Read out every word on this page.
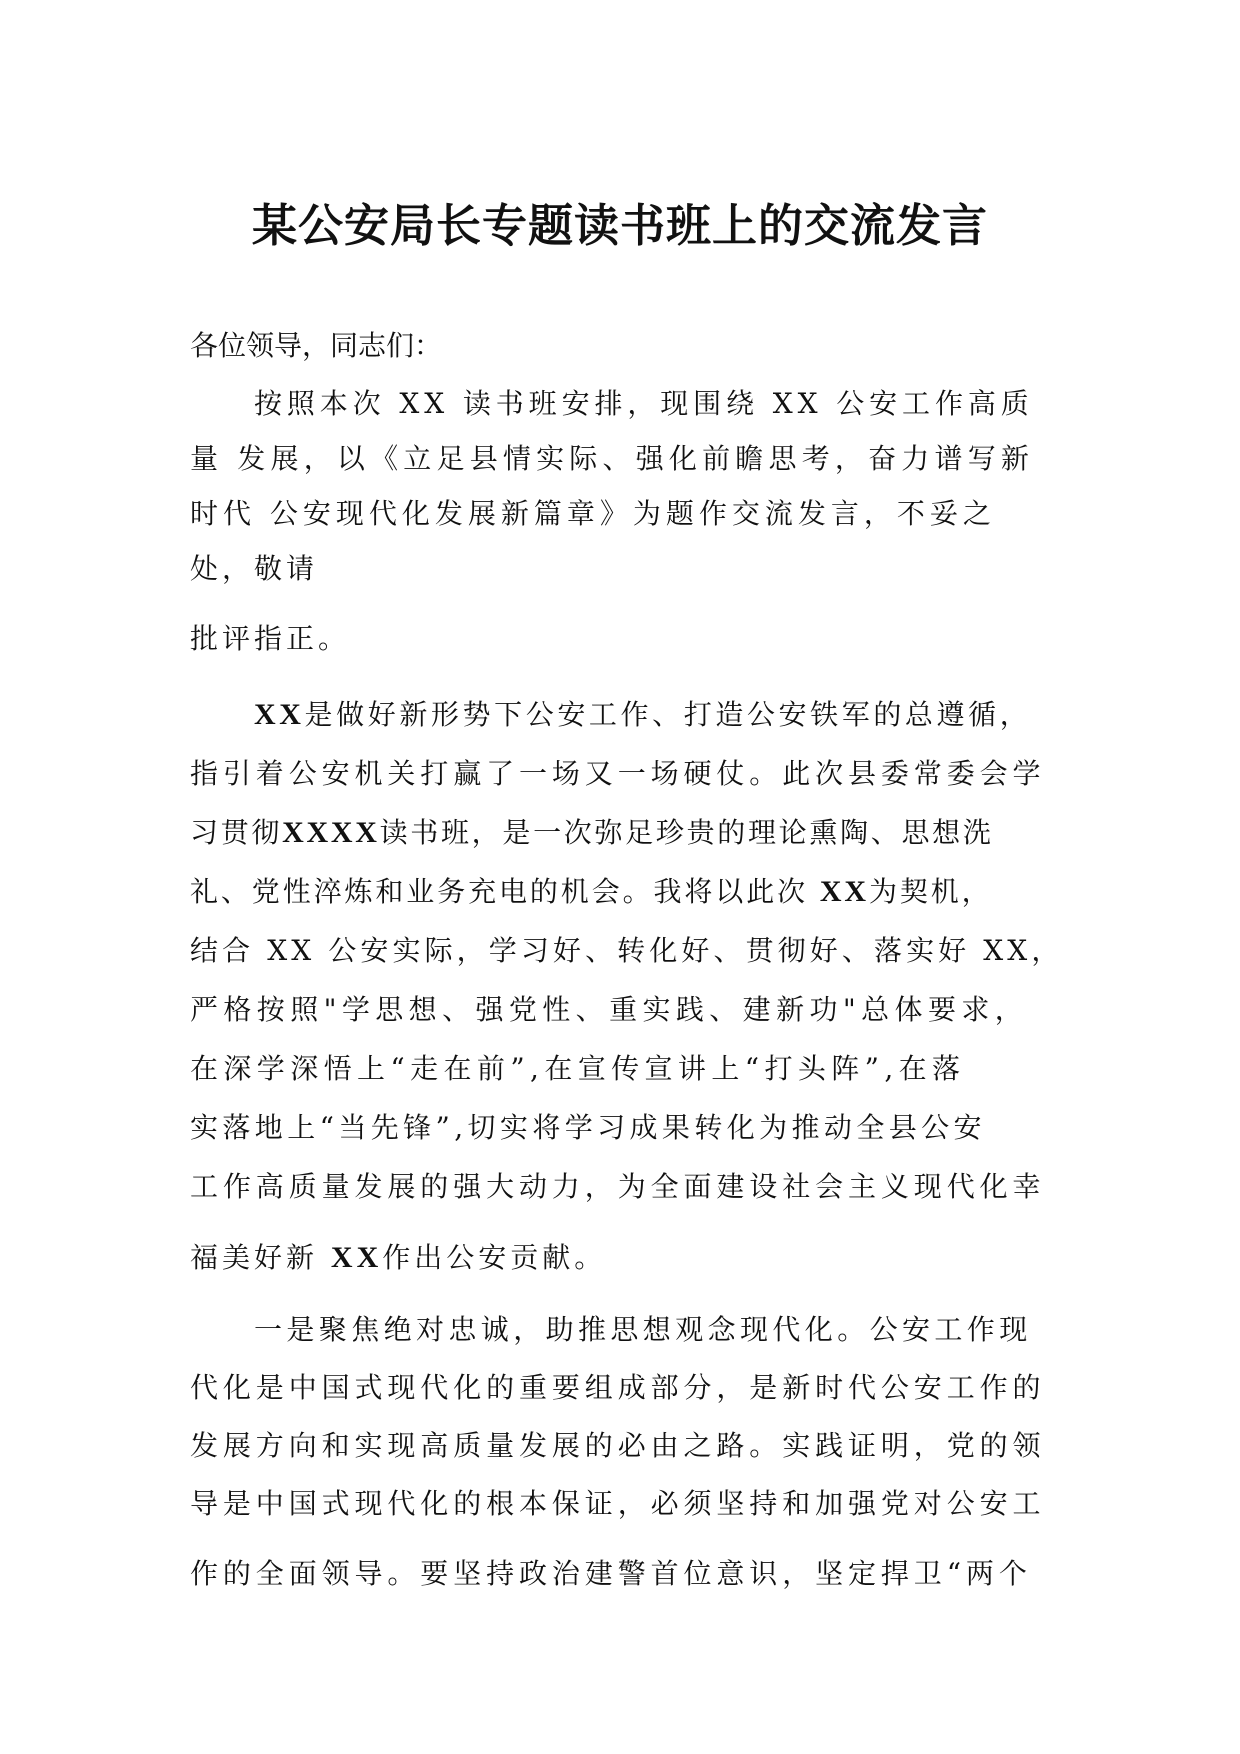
某公安局长专题读书班上的交流发言
各位领导，同志们：
按照本次 XX 读书班安排，现围绕 XX 公安工作高质
量 发展，以《立足县情实际、强化前瞻思考，奋力谱写新
时代 公安现代化发展新篇章》为题作交流发言，不妥之
处，敬请
批评指正。
XX是做好新形势下公安工作、打造公安铁军的总遵循，
指引着公安机关打赢了一场又一场硬仗。此次县委常委会学
习贯彻XXXX读书班，是一次弥足珍贵的理论熏陶、思想洗
礼、党性淬炼和业务充电的机会。我将以此次 XX为契机，
结合 XX 公安实际，学习好、转化好、贯彻好、落实好 XX，
严格按照"学思想、强党性、重实践、建新功"总体要求，
在深学深悟上“走在前”,在宣传宣讲上“打头阵”,在落
实落地上“当先锋”,切实将学习成果转化为推动全县公安
工作高质量发展的强大动力，为全面建设社会主义现代化幸
福美好新 XX作出公安贡献。
一是聚焦绝对忠诚，助推思想观念现代化。公安工作现
代化是中国式现代化的重要组成部分，是新时代公安工作的
发展方向和实现高质量发展的必由之路。实践证明，党的领
导是中国式现代化的根本保证，必须坚持和加强党对公安工
作的全面领导。要坚持政治建警首位意识，坚定捍卫“两个
